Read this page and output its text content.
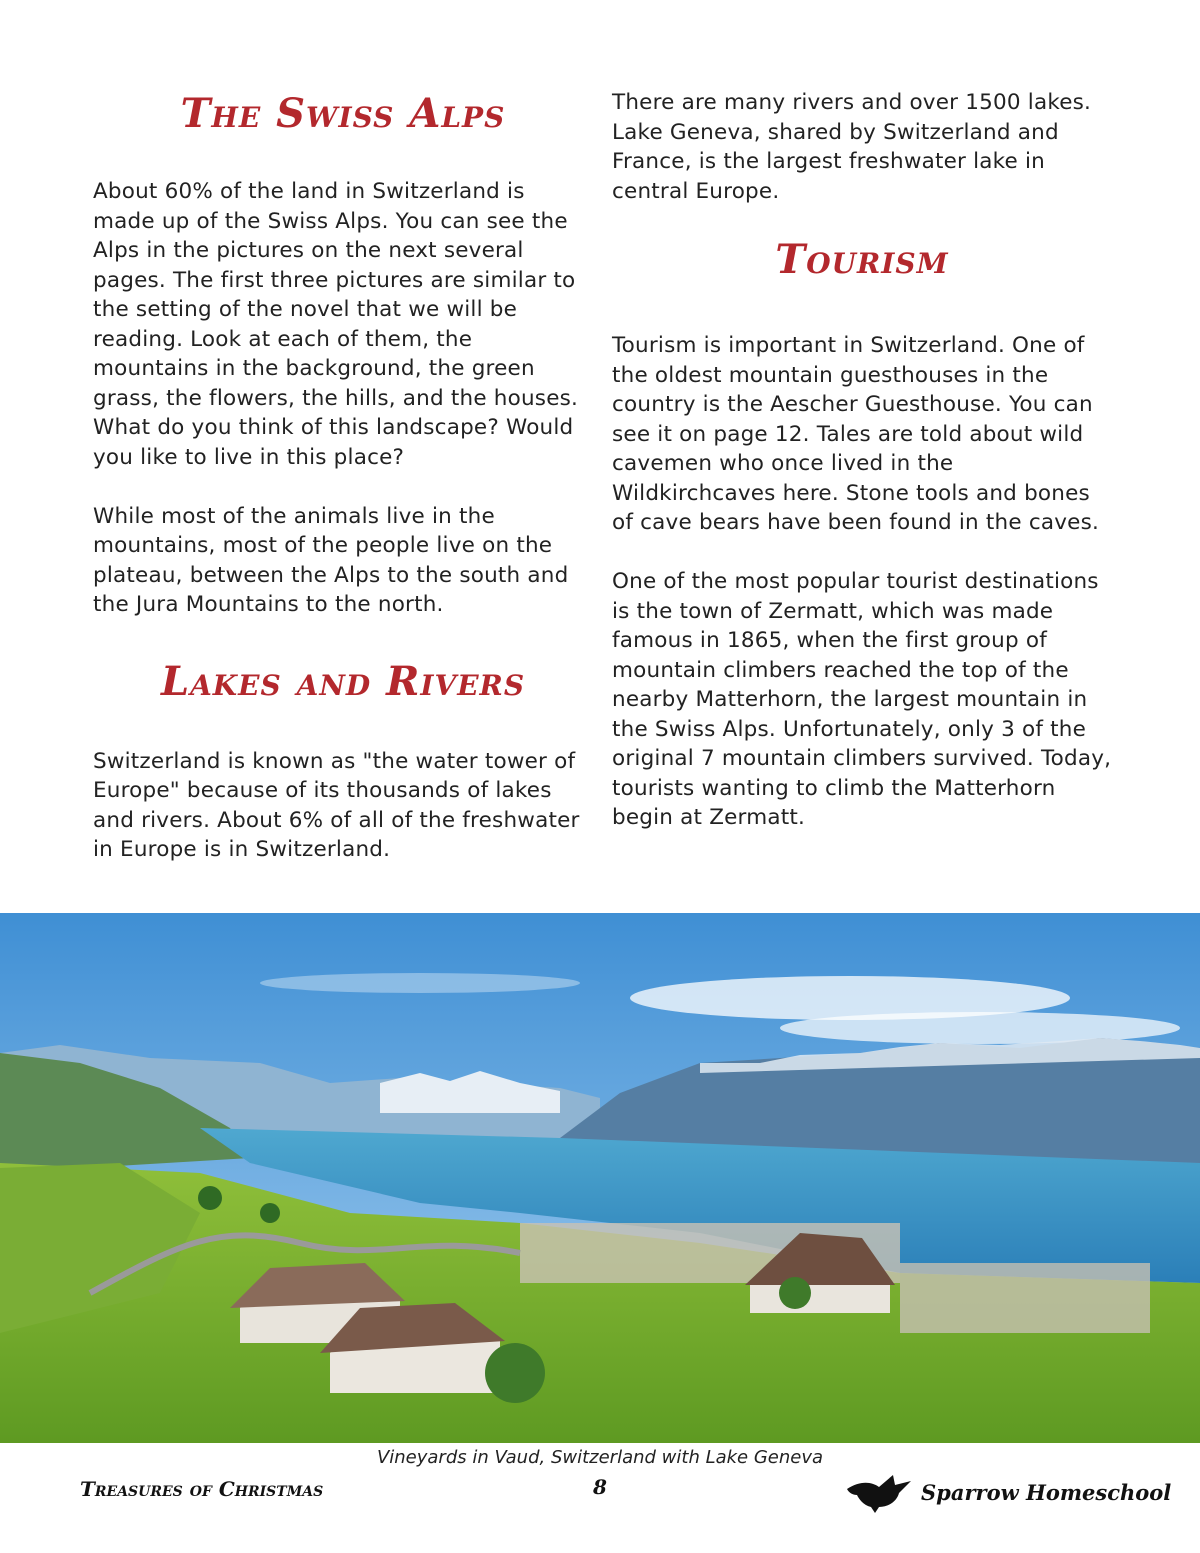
The Swiss Alps

About 60% of the land in Switzerland is made up of the Swiss Alps. You can see the Alps in the pictures on the next several pages. The first three pictures are similar to the setting of the novel that we will be reading. Look at each of them, the mountains in the background, the green grass, the flowers, the hills, and the houses. What do you think of this landscape? Would you like to live in this place?

While most of the animals live in the mountains, most of the people live on the plateau, between the Alps to the south and the Jura Mountains to the north.

Lakes and Rivers

Switzerland is known as "the water tower of Europe" because of its thousands of lakes and rivers. About 6% of all of the freshwater in Europe is in Switzerland.

There are many rivers and over 1500 lakes. Lake Geneva, shared by Switzerland and France, is the largest freshwater lake in central Europe.

Tourism

Tourism is important in Switzerland. One of the oldest mountain guesthouses in the country is the Aescher Guesthouse. You can see it on page 12. Tales are told about wild cavemen who once lived in the Wildkirchcaves here. Stone tools and bones of cave bears have been found in the caves.

One of the most popular tourist destinations is the town of Zermatt, which was made famous in 1865, when the first group of mountain climbers reached the top of the nearby Matterhorn, the largest mountain in the Swiss Alps. Unfortunately, only 3 of the original 7 mountain climbers survived. Today, tourists wanting to climb the Matterhorn begin at Zermatt.

Vineyards in Vaud, Switzerland with Lake Geneva
Treasures of Christmas	8	Sparrow Homeschool
